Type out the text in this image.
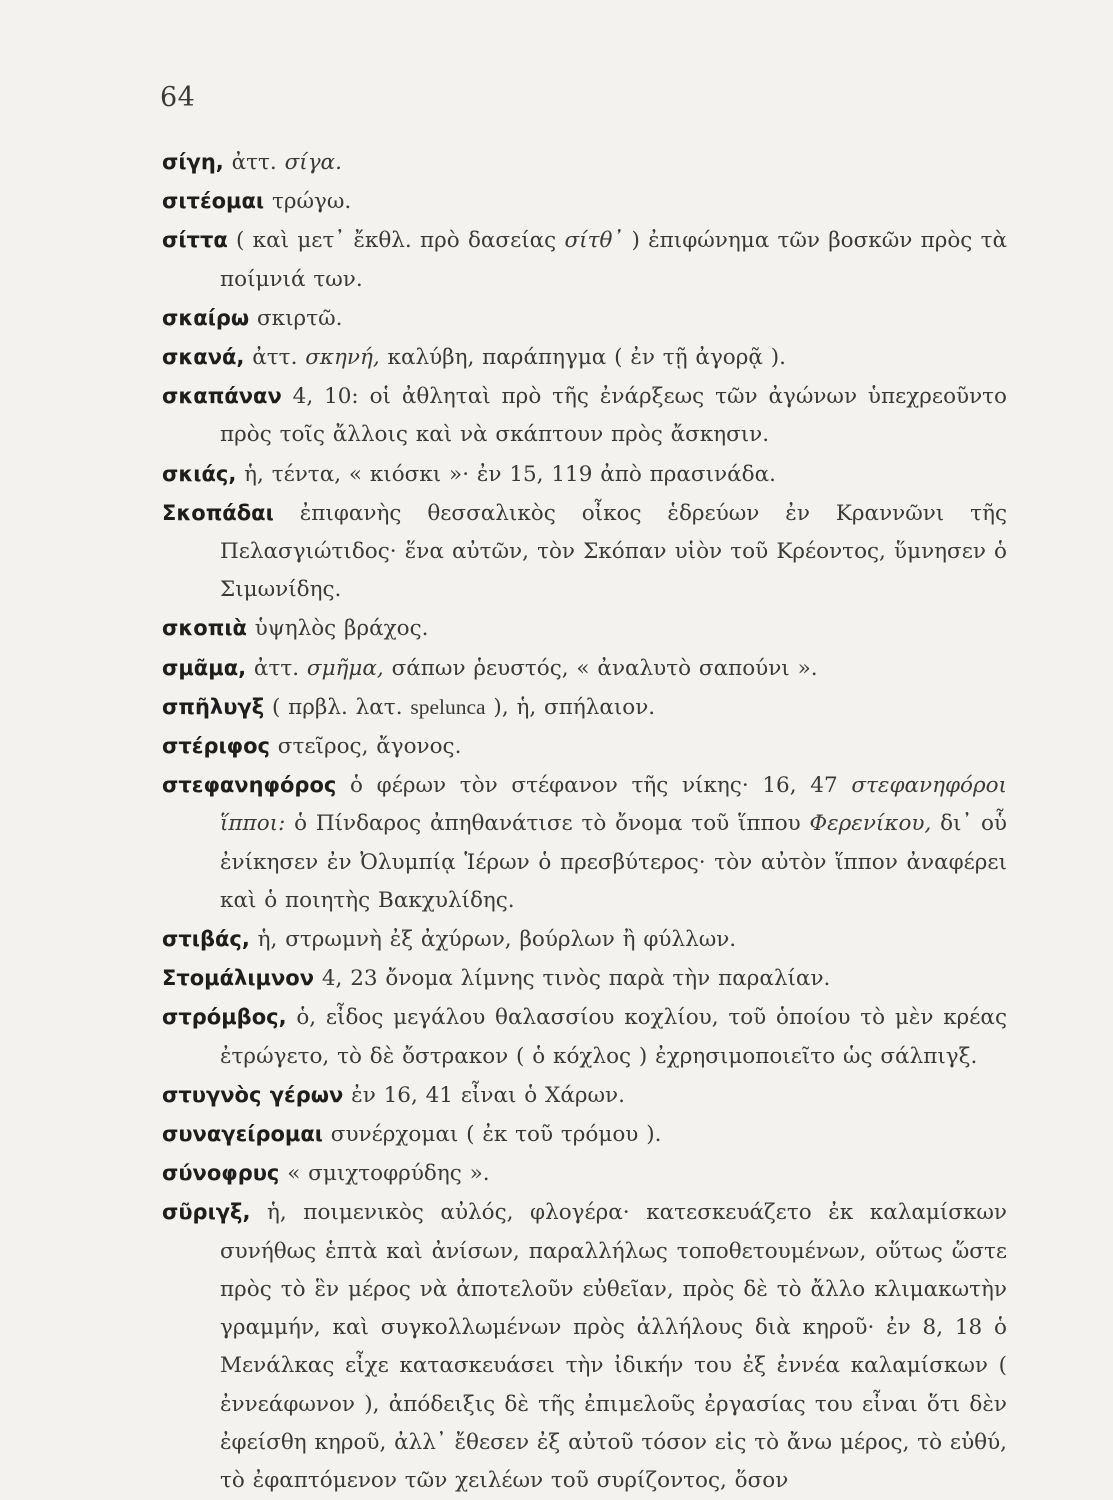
64

σίγη, ἀττ. σίγα.

σιτέομαι τρώγω.

σίττα ( καὶ μετ᾽ ἔκθλ. πρὸ δασείας σίτθ᾽ ) ἐπιφώνημα τῶν βοσκῶν πρὸς τὰ ποίμνιά των.

σκαίρω σκιρτῶ.

σκανά, ἀττ. σκηνή, καλύβη, παράπηγμα ( ἐν τῇ ἀγορᾷ ).

σκαπάναν 4, 10: οἱ ἀθληταὶ πρὸ τῆς ἐνάρξεως τῶν ἀγώνων ὑπεχρεοῦντο πρὸς τοῖς ἄλλοις καὶ νὰ σκάπτουν πρὸς ἄσκησιν.

σκιάς, ἡ, τέντα, « κιόσκι »· ἐν 15, 119 ἀπὸ πρασινάδα.

Σκοπάδαι ἐπιφανὴς θεσσαλικὸς οἶκος ἑδρεύων ἐν Κραννῶνι τῆς Πελασγιώτιδος· ἕνα αὐτῶν, τὸν Σκόπαν υἱὸν τοῦ Κρέοντος, ὕμνησεν ὁ Σιμωνίδης.

σκοπιὰ ὑψηλὸς βράχος.

σμᾶμα, ἀττ. σμῆμα, σάπων ῥευστός, « ἀναλυτὸ σαπούνι ».

σπῆλυγξ ( πρβλ. λατ. spelunca ), ἡ, σπήλαιον.

στέριφος στεῖρος, ἄγονος.

στεφανηφόρος ὁ φέρων τὸν στέφανον τῆς νίκης· 16, 47 στεφανηφόροι ἵπποι: ὁ Πίνδαρος ἀπηθανάτισε τὸ ὄνομα τοῦ ἵππου Φερενίκου, δι᾽ οὗ ἐνίκησεν ἐν Ὀλυμπίᾳ Ἱέρων ὁ πρεσβύτερος· τὸν αὐτὸν ἵππον ἀναφέρει καὶ ὁ ποιητὴς Βακχυλίδης.

στιβάς, ἡ, στρωμνὴ ἐξ ἀχύρων, βούρλων ἢ φύλλων.

Στομάλιμνον 4, 23 ὄνομα λίμνης τινὸς παρὰ τὴν παραλίαν.

στρόμβος, ὁ, εἶδος μεγάλου θαλασσίου κοχλίου, τοῦ ὁποίου τὸ μὲν κρέας ἐτρώγετο, τὸ δὲ ὄστρακον ( ὁ κόχλος ) ἐχρησιμοποιεῖτο ὡς σάλπιγξ.

στυγνὸς γέρων ἐν 16, 41 εἶναι ὁ Χάρων.

συναγείρομαι συνέρχομαι ( ἐκ τοῦ τρόμου ).

σύνοφρυς « σμιχτοφρύδης ».

σῦριγξ, ἡ, ποιμενικὸς αὐλός, φλογέρα· κατεσκευάζετο ἐκ καλαμίσκων συνήθως ἑπτὰ καὶ ἀνίσων, παραλλήλως τοποθετουμένων, οὕτως ὥστε πρὸς τὸ ἓν μέρος νὰ ἀποτελοῦν εὐθεῖαν, πρὸς δὲ τὸ ἄλλο κλιμακωτὴν γραμμήν, καὶ συγκολλωμένων πρὸς ἀλλήλους διὰ κηροῦ· ἐν 8, 18 ὁ Μενάλκας εἶχε κατασκευάσει τὴν ἰδικήν του ἐξ ἐννέα καλαμίσκων ( ἐννεάφωνον ), ἀπόδειξις δὲ τῆς ἐπιμελοῦς ἐργασίας του εἶναι ὅτι δὲν ἐφείσθη κηροῦ, ἀλλ᾽ ἔθεσεν ἐξ αὐτοῦ τόσον εἰς τὸ ἄνω μέρος, τὸ εὐθύ, τὸ ἐφαπτόμενον τῶν χειλέων τοῦ συρίζοντος, ὅσον
